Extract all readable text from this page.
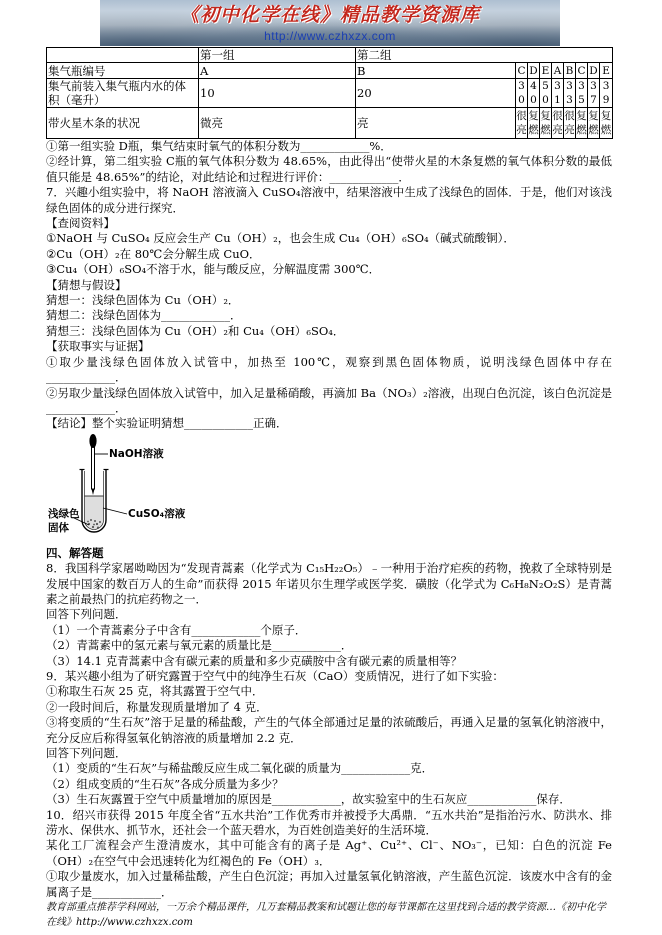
《初中化学在线》精品教学资源库
http://www.czhxzx.com
	第一组	第二组								
集气瓶编号	A	B	C	D	E	A	B	C	D	E
集气前装入集气瓶内水的体积（毫升）	10	20	30	40	50	31	33	35	37	39
带火星木条的状况	微亮	亮	很亮	复燃	复燃	很亮	很亮	复燃	复燃	复燃

①第一组实验 D瓶，集气结束时氧气的体积分数为____________%．

②经计算，第二组实验 C瓶的氧气体积分数为 48.65%，由此得出“使带火星的木条复燃的氧气体积分数的最低值只能是 48.65%”的结论，对此结论和过程进行评价：____________．

7．兴趣小组实验中，将 NaOH 溶液滴入 CuSO₄溶液中，结果溶液中生成了浅绿色的固体．于是，他们对该浅绿色固体的成分进行探究．

【查阅资料】

①NaOH 与 CuSO₄ 反应会生产 Cu（OH）₂，也会生成 Cu₄（OH）₆SO₄（碱式硫酸铜）．

②Cu（OH）₂在 80℃会分解生成 CuO．

③Cu₄（OH）₆SO₄不溶于水，能与酸反应，分解温度需 300℃．

【猜想与假设】

猜想一：浅绿色固体为 Cu（OH）₂．

猜想二：浅绿色固体为____________．

猜想三：浅绿色固体为 Cu（OH）₂和 Cu₄（OH）₆SO₄．

【获取事实与证据】

①取少量浅绿色固体放入试管中，加热至 100℃，观察到黑色固体物质，说明浅绿色固体中存在____________．

②另取少量浅绿色固体放入试管中，加入足量稀硝酸，再滴加 Ba（NO₃）₂溶液，出现白色沉淀，该白色沉淀是____________．

【结论】整个实验证明猜想____________正确．

NaOH溶液
CuSO₄溶液
浅绿色固体

四、解答题

8．我国科学家屠呦呦因为“发现青蒿素（化学式为 C₁₅H₂₂O₅）﹣一种用于治疗疟疾的药物，挽救了全球特别是发展中国家的数百万人的生命”而获得 2015 年诺贝尔生理学或医学奖．磺胺（化学式为 C₆H₈N₂O₂S）是青蒿素之前最热门的抗疟药物之一．

回答下列问题．

（1）一个青蒿素分子中含有____________个原子．

（2）青蒿素中的氢元素与氧元素的质量比是____________．

（3）14.1 克青蒿素中含有碳元素的质量和多少克磺胺中含有碳元素的质量相等？

9．某兴趣小组为了研究露置于空气中的纯净生石灰（CaO）变质情况，进行了如下实验：

①称取生石灰 25 克，将其露置于空气中．

②一段时间后，称量发现质量增加了 4 克．

③将变质的“生石灰”溶于足量的稀盐酸，产生的气体全部通过足量的浓硫酸后，再通入足量的氢氧化钠溶液中，充分反应后称得氢氧化钠溶液的质量增加 2.2 克．

回答下列问题．

（1）变质的“生石灰”与稀盐酸反应生成二氧化碳的质量为____________克．

（2）组成变质的“生石灰”各成分质量为多少？

（3）生石灰露置于空气中质量增加的原因是____________，故实验室中的生石灰应____________保存．

10．绍兴市获得 2015 年度全省“五水共治”工作优秀市并被授予大禹鼎．“五水共治”是指治污水、防洪水、排涝水、保供水、抓节水，还社会一个蓝天碧水，为百姓创造美好的生活环境．

某化工厂流程会产生澄清废水，其中可能含有的离子是 Ag⁺、Cu²⁺、Cl⁻、NO₃⁻，已知：白色的沉淀 Fe（OH）₂在空气中会迅速转化为红褐色的 Fe（OH）₃．

①取少量废水，加入过量稀盐酸，产生白色沉淀；再加入过量氢氧化钠溶液，产生蓝色沉淀．该废水中含有的金属离子是____________．

教育部重点推荐学科网站，一万余个精品课件，几万套精品教案和试题让您的每节课都在这里找到合适的教学资源…《初中化学在线》http://www.czhxzx.com
